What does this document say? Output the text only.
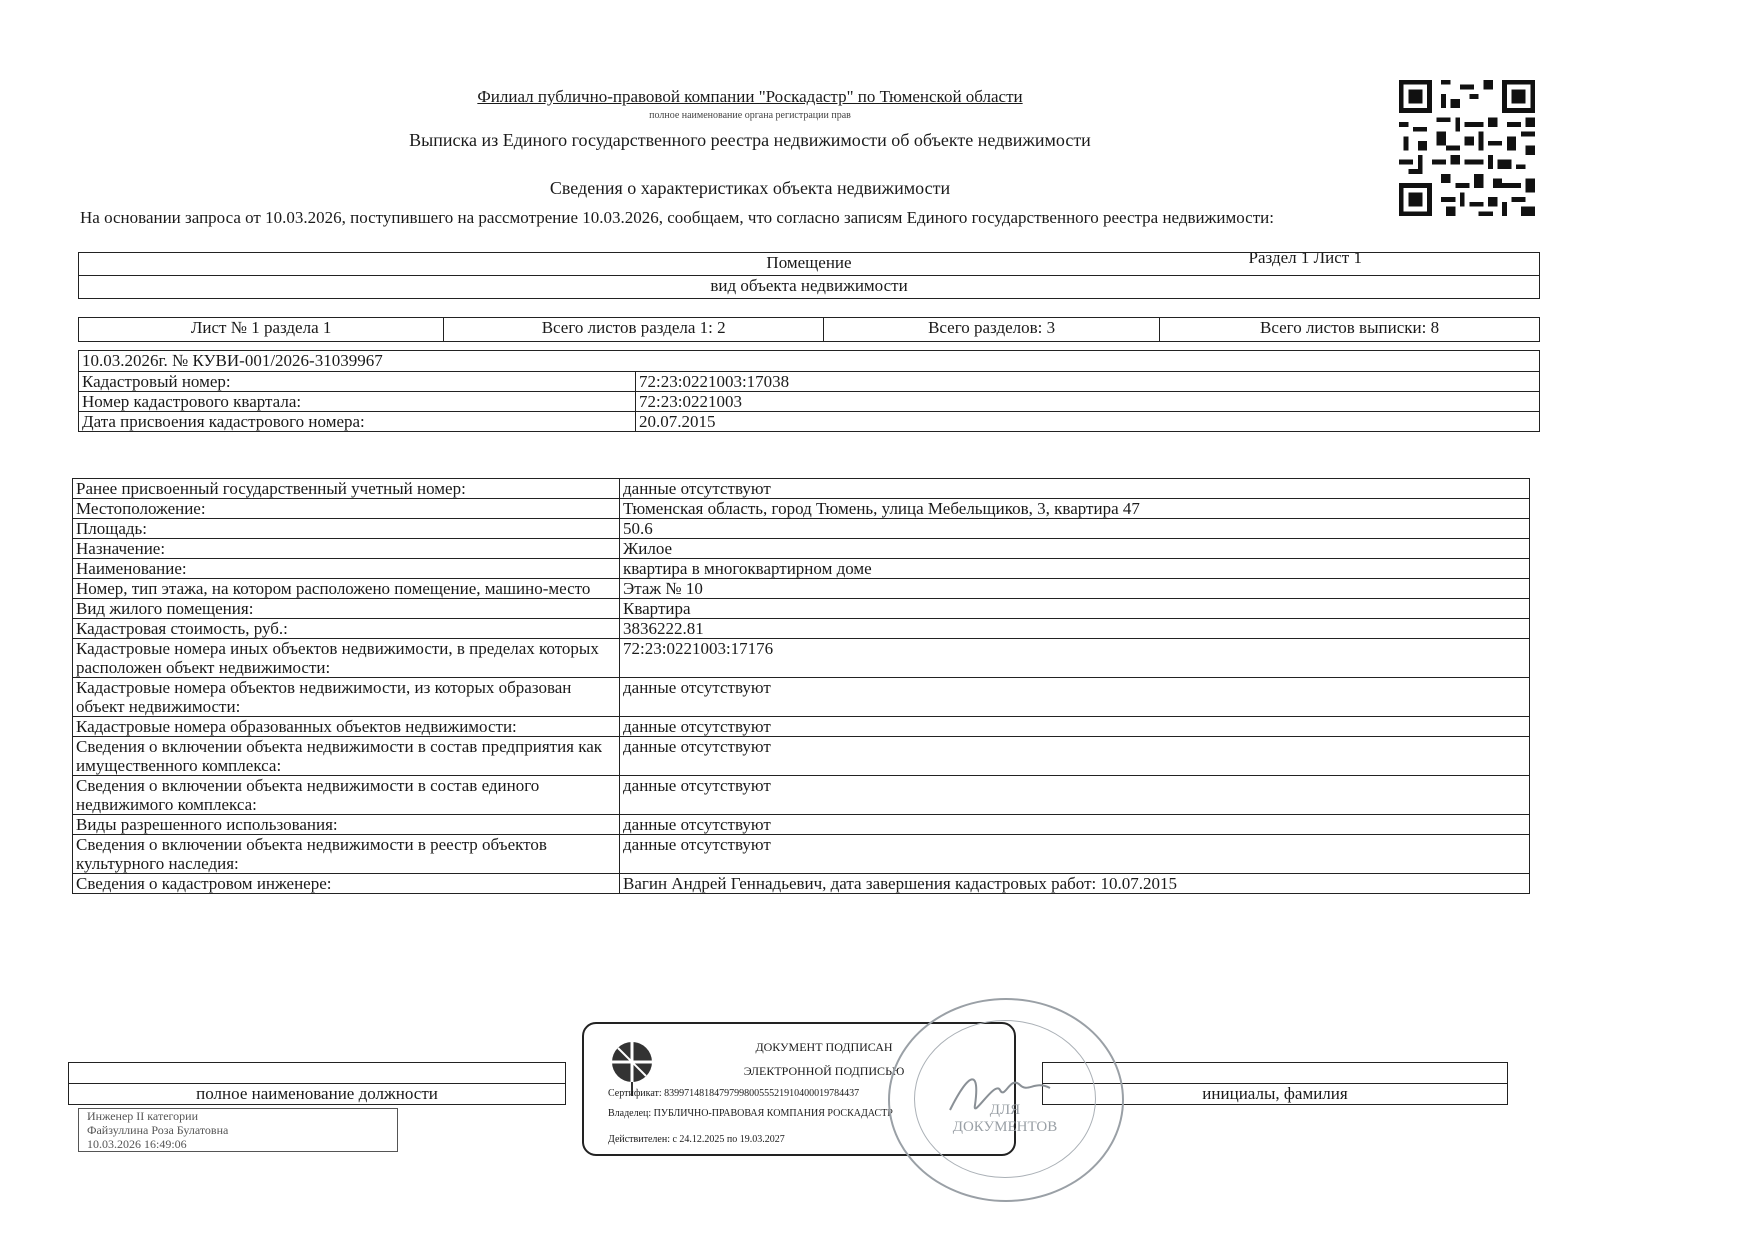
Филиал публично-правовой компании "Роскадастр" по Тюменской области
полное наименование органа регистрации прав
Выписка из Единого государственного реестра недвижимости об объекте недвижимости
Сведения о характеристиках объекта недвижимости
На основании запроса от 10.03.2026, поступившего на рассмотрение 10.03.2026, сообщаем, что согласно записям Единого государственного реестра недвижимости:
Раздел 1 Лист 1
Помещение
вид объекта недвижимости
Лист № 1 раздела 1	Всего листов раздела 1: 2	Всего разделов: 3	Всего листов выписки: 8
10.03.2026г. № КУВИ-001/2026-31039967	
Кадастровый номер:	72:23:0221003:17038
Номер кадастрового квартала:	72:23:0221003
Дата присвоения кадастрового номера:	20.07.2015
Ранее присвоенный государственный учетный номер:	данные отсутствуют
Местоположение:	Тюменская область, город Тюмень, улица Мебельщиков, 3, квартира 47
Площадь:	50.6
Назначение:	Жилое
Наименование:	квартира в многоквартирном доме
Номер, тип этажа, на котором расположено помещение, машино-место	Этаж № 10
Вид жилого помещения:	Квартира
Кадастровая стоимость, руб.:	3836222.81
Кадастровые номера иных объектов недвижимости, в пределах которых расположен объект недвижимости:	72:23:0221003:17176
Кадастровые номера объектов недвижимости, из которых образован объект недвижимости:	данные отсутствуют
Кадастровые номера образованных объектов недвижимости:	данные отсутствуют
Сведения о включении объекта недвижимости в состав предприятия как имущественного комплекса:	данные отсутствуют
Сведения о включении объекта недвижимости в состав единого недвижимого комплекса:	данные отсутствуют
Виды разрешенного использования:	данные отсутствуют
Сведения о включении объекта недвижимости в реестр объектов культурного наследия:	данные отсутствуют
Сведения о кадастровом инженере:	Вагин Андрей Геннадьевич, дата завершения кадастровых работ: 10.07.2015

полное наименование должности		инициалы, фамилия
Инженер II категории
Файзуллина Роза Булатовна
10.03.2026 16:49:06
ДОКУМЕНТ ПОДПИСАН
ЭЛЕКТРОННОЙ ПОДПИСЬЮ
Сертификат: 839971481847979980055521910400019784437
Владелец: ПУБЛИЧНО-ПРАВОВАЯ КОМПАНИЯ РОСКАДАСТР
Действителен: с 24.12.2025 по 19.03.2027
ДЛЯ ДОКУМЕНТОВ
